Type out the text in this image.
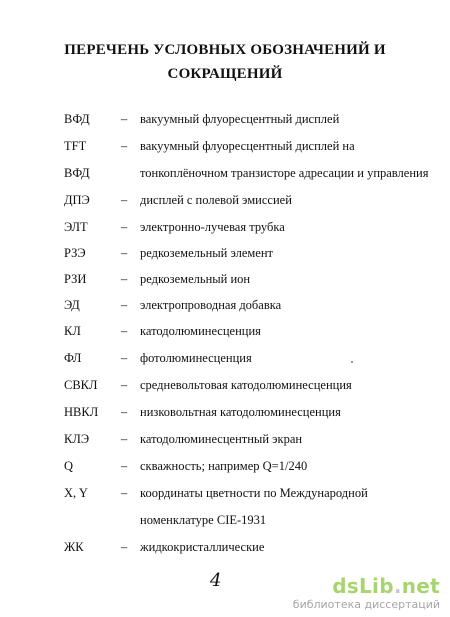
ПЕРЕЧЕНЬ УСЛОВНЫХ ОБОЗНАЧЕНИЙ И
СОКРАЩЕНИЙ
ВФД	– вакуумный флуоресцентный дисплей
TFT	– вакуумный флуоресцентный дисплей на
ВФД	тонкоплёночном транзисторе адресации и управления
ДПЭ – дисплей с полевой эмиссией
ЭЛТ	– электронно-лучевая трубка
РЗЭ	– редкоземельный элемент
РЗИ	– редкоземельный ион
ЭД	– электропроводная добавка
КЛ	– катодолюминесценция
ФЛ	– фотолюминесценция
СВКЛ – средневольтовая катодолюминесценция
НВКЛ – низковольтная катодолюминесценция
КЛЭ	– катодолюминесцентный экран
Q	– скважность; например Q=1/240
X, Y	– координаты цветности по Международной
номенклатуре CIE-1931
ЖК	– жидкокристаллические
4	dsLib.net
библиотека диссертаций
